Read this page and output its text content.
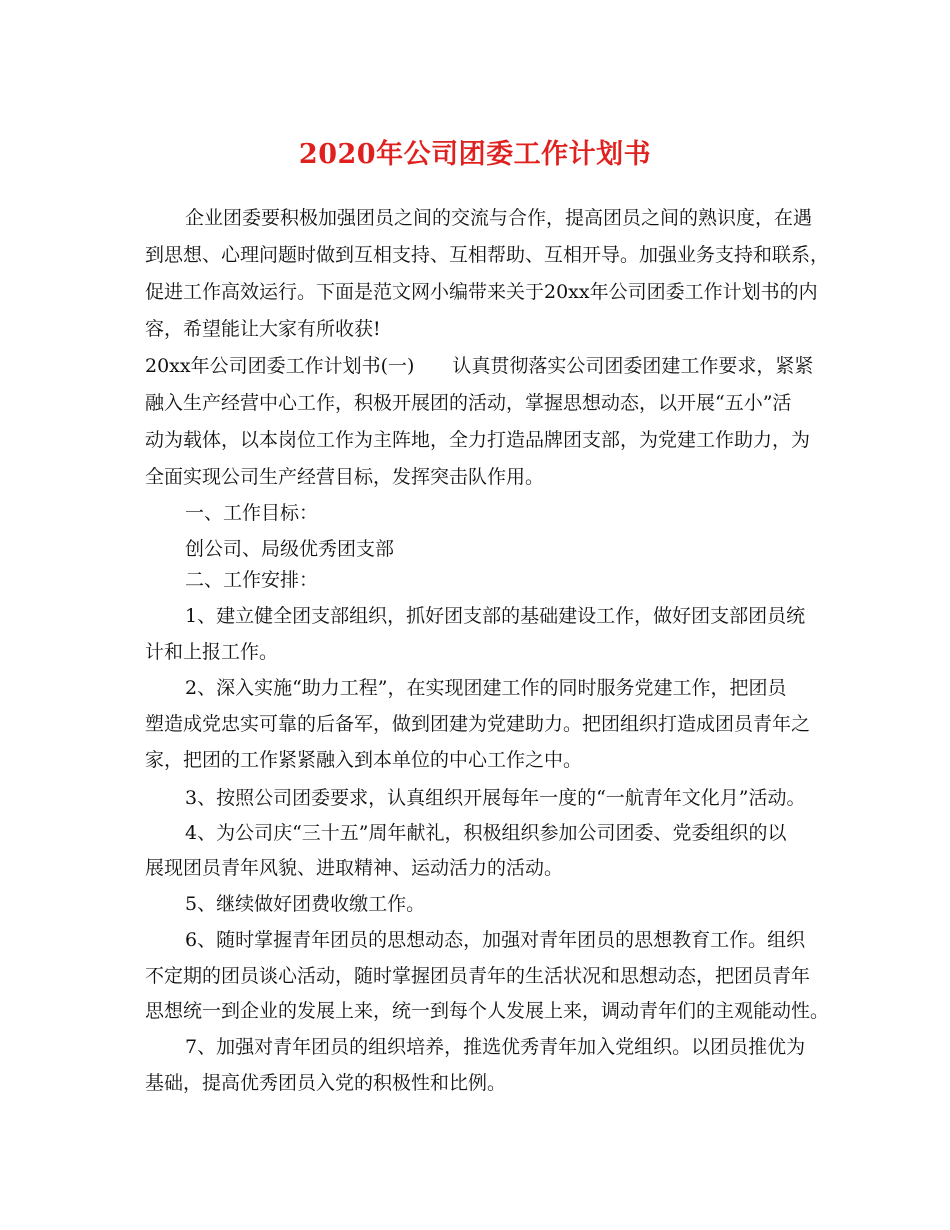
2020年公司团委工作计划书
企业团委要积极加强团员之间的交流与合作，提高团员之间的熟识度，在遇
到思想、心理问题时做到互相支持、互相帮助、互相开导。加强业务支持和联系，
促进工作高效运行。下面是范文网小编带来关于20xx年公司团委工作计划书的内
容，希望能让大家有所收获!
20xx年公司团委工作计划书(一)　　认真贯彻落实公司团委团建工作要求，紧紧
融入生产经营中心工作，积极开展团的活动，掌握思想动态，以开展“五小”活
动为载体，以本岗位工作为主阵地，全力打造品牌团支部，为党建工作助力，为
全面实现公司生产经营目标，发挥突击队作用。
一、工作目标：
创公司、局级优秀团支部
二、工作安排：
1、建立健全团支部组织，抓好团支部的基础建设工作，做好团支部团员统
计和上报工作。
2、深入实施“助力工程”，在实现团建工作的同时服务党建工作，把团员
塑造成党忠实可靠的后备军，做到团建为党建助力。把团组织打造成团员青年之
家，把团的工作紧紧融入到本单位的中心工作之中。
3、按照公司团委要求，认真组织开展每年一度的“一航青年文化月”活动。
4、为公司庆“三十五”周年献礼，积极组织参加公司团委、党委组织的以
展现团员青年风貌、进取精神、运动活力的活动。
5、继续做好团费收缴工作。
6、随时掌握青年团员的思想动态，加强对青年团员的思想教育工作。组织
不定期的团员谈心活动，随时掌握团员青年的生活状况和思想动态，把团员青年
思想统一到企业的发展上来，统一到每个人发展上来，调动青年们的主观能动性。
7、加强对青年团员的组织培养，推选优秀青年加入党组织。以团员推优为
基础，提高优秀团员入党的积极性和比例。
